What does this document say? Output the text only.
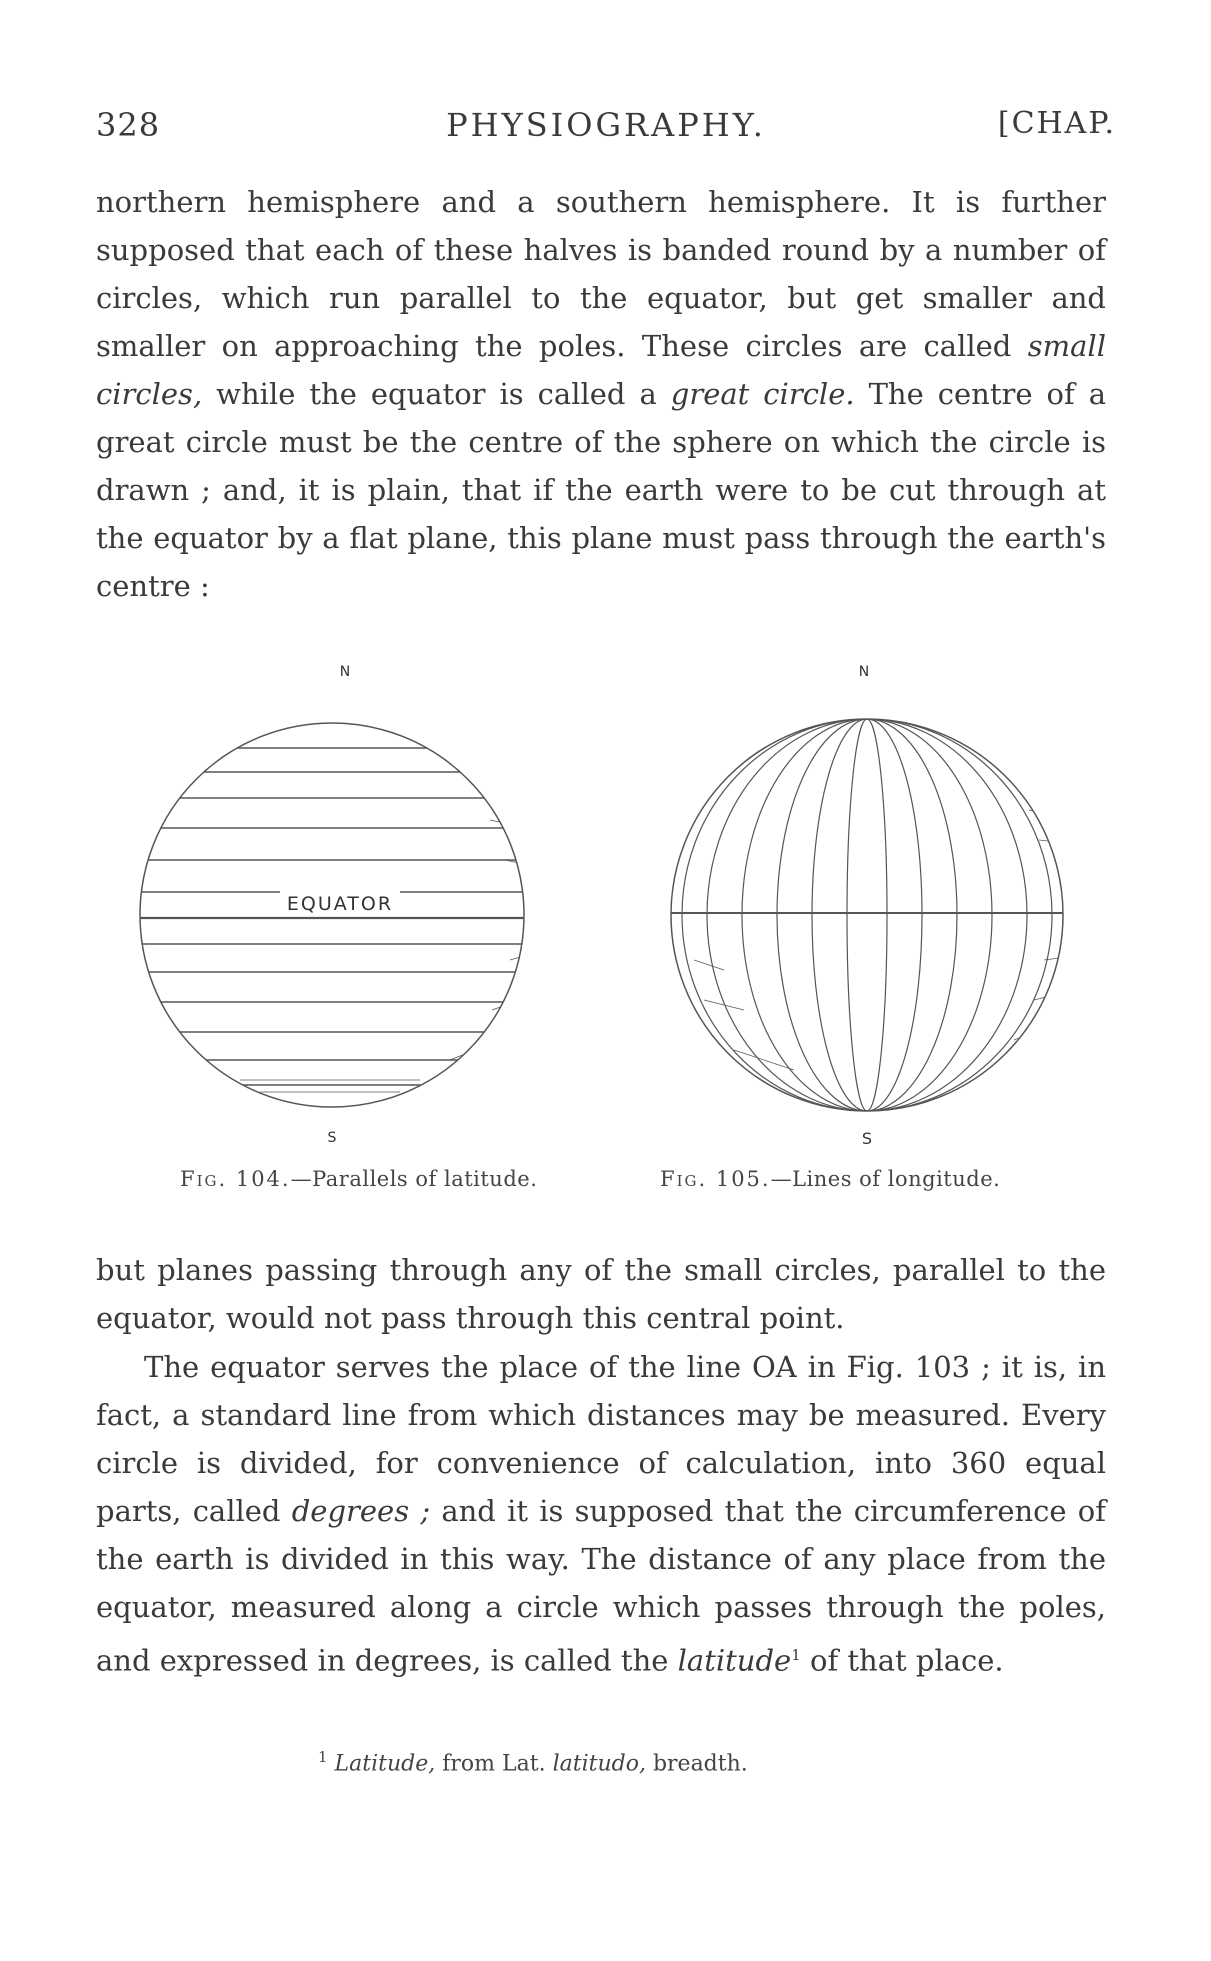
328	PHYSIOGRAPHY.	[CHAP.

northern hemisphere and a southern hemisphere. It is further supposed that each of these halves is banded round by a number of circles, which run parallel to the equator, but get smaller and smaller on approaching the poles. These circles are called small circles, while the equator is called a great circle. The centre of a great circle must be the centre of the sphere on which the circle is drawn ; and, it is plain, that if the earth were to be cut through at the equator by a flat plane, this plane must pass through the earth's centre :

EQUATOR
N
S
N
S
Fig. 104.—Parallels of latitude.	Fig. 105.—Lines of longitude.

but planes passing through any of the small circles, parallel to the equator, would not pass through this central point.

The equator serves the place of the line OA in Fig. 103 ; it is, in fact, a standard line from which distances may be measured. Every circle is divided, for convenience of calculation, into 360 equal parts, called degrees ; and it is supposed that the circumference of the earth is divided in this way. The distance of any place from the equator, measured along a circle which passes through the poles, and expressed in degrees, is called the latitude$^1$ of that place.

$^1$ Latitude, from Lat. latitudo, breadth.
